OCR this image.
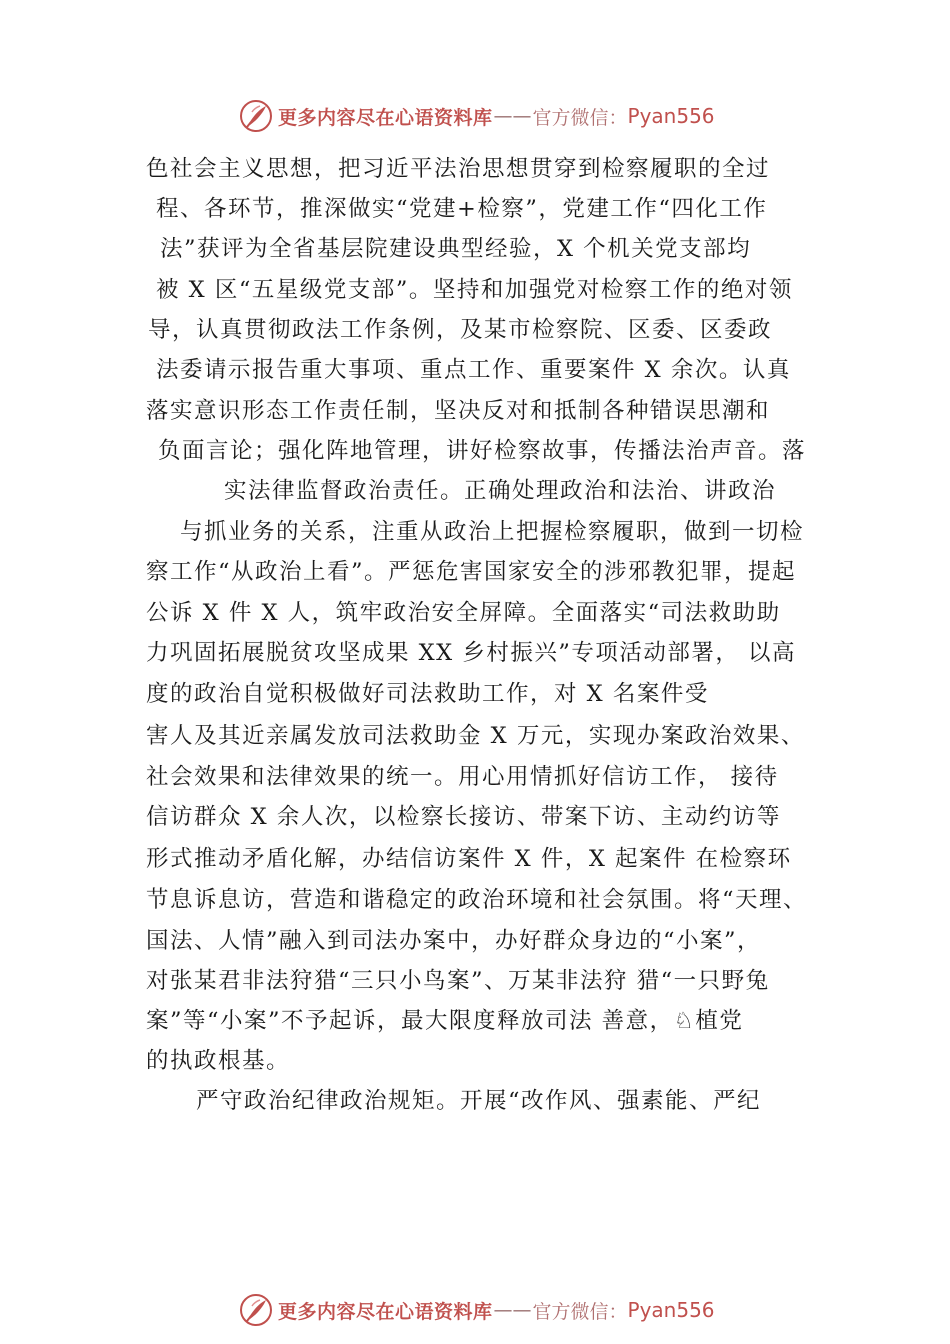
更多内容尽在心语资料库 —— 官方微信： Pyan556
色社会主义思想，把习近平法治思想贯穿到检察履职的全过
程、各环节，推深做实“党建+检察”，党建工作“四化工作
法”获评为全省基层院建设典型经验，X 个机关党支部均
被 X 区“五星级党支部”。坚持和加强党对检察工作的绝对领
导，认真贯彻政法工作条例，及某市检察院、区委、区委政
法委请示报告重大事项、重点工作、重要案件 X 余次。认真
落实意识形态工作责任制，坚决反对和抵制各种错误思潮和
负面言论；强化阵地管理，讲好检察故事，传播法治声音。落
实法律监督政治责任。正确处理政治和法治、讲政治
与抓业务的关系，注重从政治上把握检察履职，做到一切检
察工作“从政治上看”。严惩危害国家安全的涉邪教犯罪，提起
公诉 X 件 X 人，筑牢政治安全屏障。全面落实“司法救助助
力巩固拓展脱贫攻坚成果 XX 乡村振兴”专项活动部署， 以高
度的政治自觉积极做好司法救助工作，对 X 名案件受
害人及其近亲属发放司法救助金 X 万元，实现办案政治效果、
社会效果和法律效果的统一。用心用情抓好信访工作， 接待
信访群众 X 余人次，以检察长接访、带案下访、主动约访等
形式推动矛盾化解，办结信访案件 X 件，X 起案件 在检察环
节息诉息访，营造和谐稳定的政治环境和社会氛围。将“天理、
国法、人情”融入到司法办案中，办好群众身边的“小案”，
对张某君非法狩猎“三只小鸟案”、万某非法狩 猎“一只野兔
案”等“小案”不予起诉，最大限度释放司法 善意，♘植党
的执政根基。
严守政治纪律政治规矩。开展“改作风、强素能、严纪
更多内容尽在心语资料库 —— 官方微信： Pyan556
